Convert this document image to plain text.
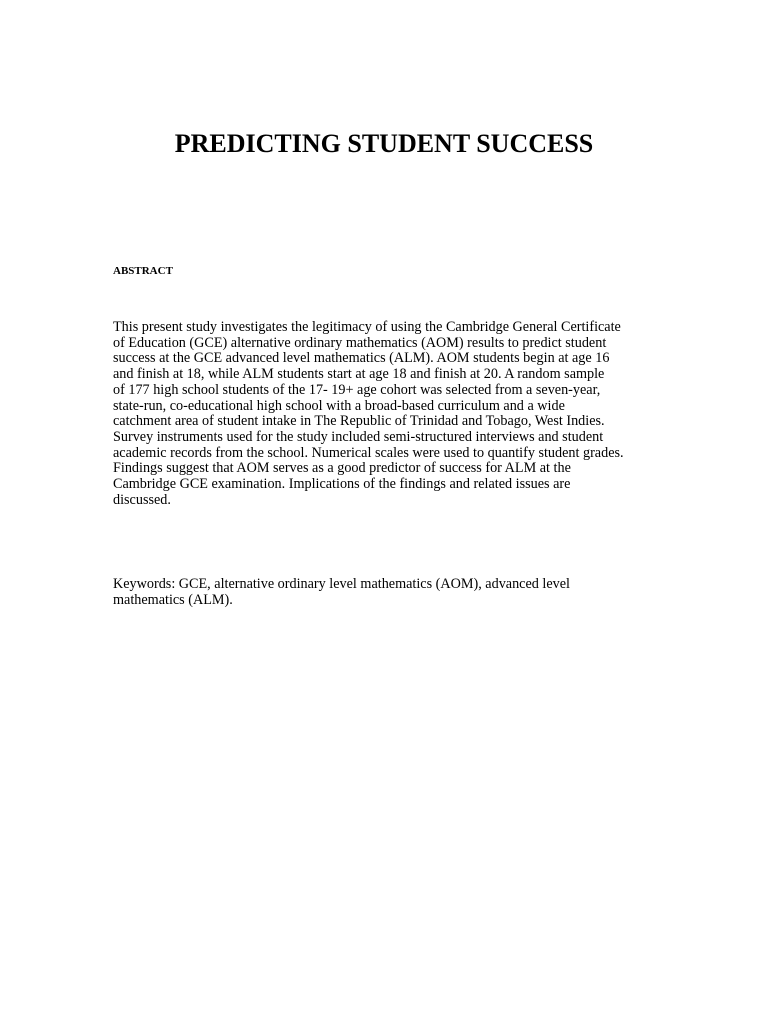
PREDICTING STUDENT SUCCESS
ABSTRACT

This present study investigates the legitimacy of using the Cambridge General Certificate
of Education (GCE) alternative ordinary mathematics (AOM) results to predict student
success at the GCE advanced level mathematics (ALM). AOM students begin at age 16
and finish at 18, while ALM students start at age 18 and finish at 20. A random sample
of 177 high school students of the 17- 19+ age cohort was selected from a seven-year,
state-run, co-educational high school with a broad-based curriculum and a wide
catchment area of student intake in The Republic of Trinidad and Tobago, West Indies.
Survey instruments used for the study included semi-structured interviews and student
academic records from the school. Numerical scales were used to quantify student grades.
Findings suggest that AOM serves as a good predictor of success for ALM at the
Cambridge GCE examination. Implications of the findings and related issues are
discussed.

Keywords: GCE, alternative ordinary level mathematics (AOM), advanced level
mathematics (ALM).
